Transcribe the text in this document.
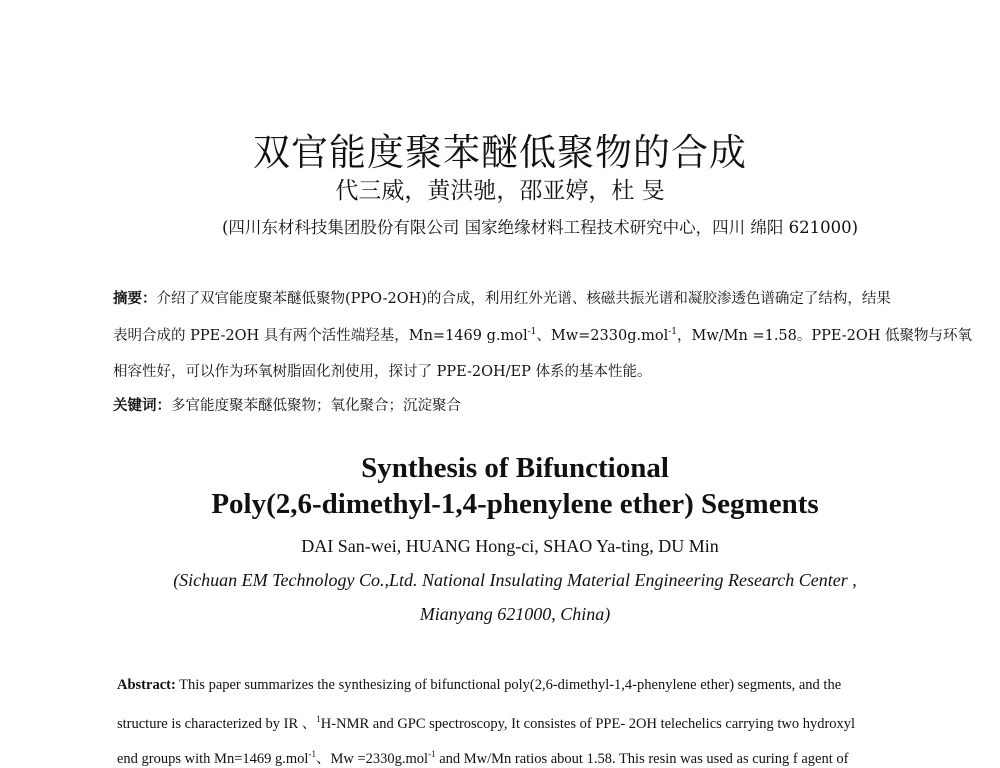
双官能度聚苯醚低聚物的合成
代三威，黄洪驰，邵亚婷，杜 旻
(四川东材科技集团股份有限公司 国家绝缘材料工程技术研究中心，四川 绵阳 621000)
摘要：介绍了双官能度聚苯醚低聚物(PPO-2OH)的合成，利用红外光谱、核磁共振光谱和凝胶渗透色谱确定了结构，结果
表明合成的 PPE-2OH 具有两个活性端羟基，Mn=1469 g.mol$^{-1}$、Mw=2330g.mol$^{-1}$，Mw/Mn =1.58。PPE-2OH 低聚物与环氧
相容性好，可以作为环氧树脂固化剂使用，探讨了 PPE-2OH/EP 体系的基本性能。
关键词：多官能度聚苯醚低聚物；氧化聚合；沉淀聚合
Synthesis of Bifunctional
Poly(2,6-dimethyl-1,4-phenylene ether) Segments
DAI San-wei, HUANG Hong-ci, SHAO Ya-ting, DU Min
(Sichuan EM Technology Co.,Ltd. National Insulating Material Engineering Research Center ,
Mianyang 621000, China)
Abstract: This paper summarizes the synthesizing of bifunctional poly(2,6-dimethyl-1,4-phenylene ether) segments, and the
structure is characterized by IR 、$^1$H-NMR and GPC spectroscopy, It consistes of PPE- 2OH telechelics carrying two hydroxyl
end groups with Mn=1469 g.mol$^{-1}$、Mw =2330g.mol$^{-1}$ and Mw/Mn ratios about 1.58. This resin was used as curing f agent of
